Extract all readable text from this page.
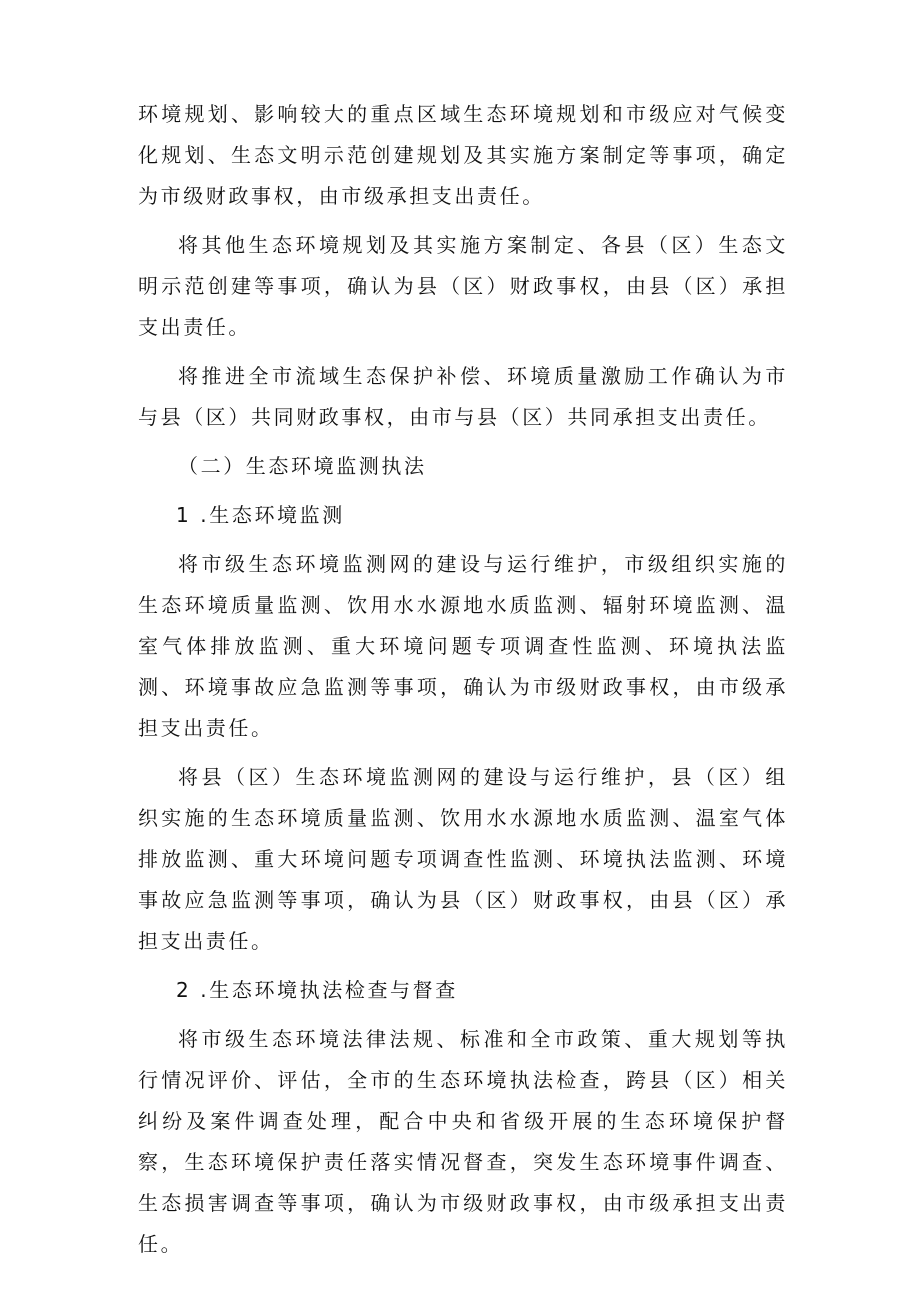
环境规划、影响较大的重点区域生态环境规划和市级应对气候变化规划、生态文明示范创建规划及其实施方案制定等事项，确定为市级财政事权，由市级承担支出责任。

将其他生态环境规划及其实施方案制定、各县（区）生态文明示范创建等事项，确认为县（区）财政事权，由县（区）承担支出责任。

将推进全市流域生态保护补偿、环境质量激励工作确认为市与县（区）共同财政事权，由市与县（区）共同承担支出责任。

（二）生态环境监测执法

1 .生态环境监测

将市级生态环境监测网的建设与运行维护，市级组织实施的生态环境质量监测、饮用水水源地水质监测、辐射环境监测、温室气体排放监测、重大环境问题专项调查性监测、环境执法监测、环境事故应急监测等事项，确认为市级财政事权，由市级承担支出责任。

将县（区）生态环境监测网的建设与运行维护，县（区）组织实施的生态环境质量监测、饮用水水源地水质监测、温室气体排放监测、重大环境问题专项调查性监测、环境执法监测、环境事故应急监测等事项，确认为县（区）财政事权，由县（区）承担支出责任。

2 .生态环境执法检查与督查

将市级生态环境法律法规、标准和全市政策、重大规划等执行情况评价、评估，全市的生态环境执法检查，跨县（区）相关纠纷及案件调查处理，配合中央和省级开展的生态环境保护督察，生态环境保护责任落实情况督查，突发生态环境事件调查、生态损害调查等事项，确认为市级财政事权，由市级承担支出责任。
